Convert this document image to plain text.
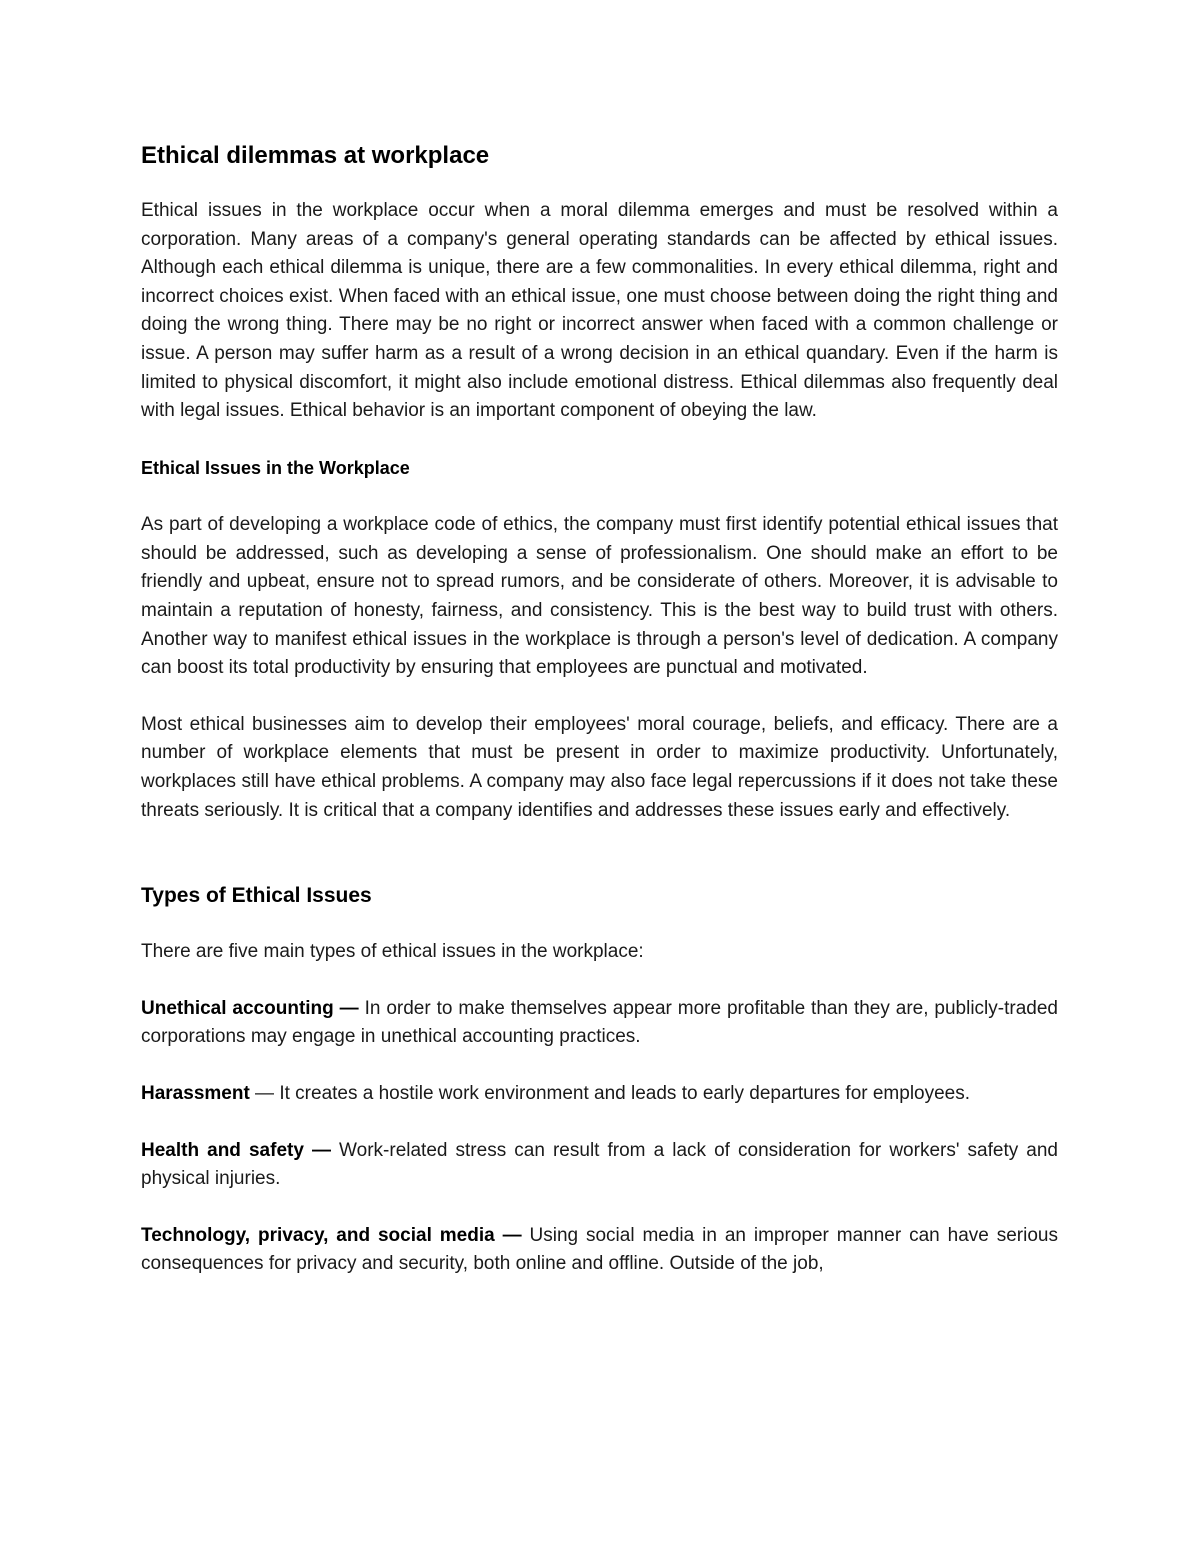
Ethical dilemmas at workplace

Ethical issues in the workplace occur when a moral dilemma emerges and must be resolved within a corporation. Many areas of a company's general operating standards can be affected by ethical issues. Although each ethical dilemma is unique, there are a few commonalities. In every ethical dilemma, right and incorrect choices exist. When faced with an ethical issue, one must choose between doing the right thing and doing the wrong thing. There may be no right or incorrect answer when faced with a common challenge or issue. A person may suffer harm as a result of a wrong decision in an ethical quandary. Even if the harm is limited to physical discomfort, it might also include emotional distress. Ethical dilemmas also frequently deal with legal issues. Ethical behavior is an important component of obeying the law.

Ethical Issues in the Workplace

As part of developing a workplace code of ethics, the company must first identify potential ethical issues that should be addressed, such as developing a sense of professionalism. One should make an effort to be friendly and upbeat, ensure not to spread rumors, and be considerate of others. Moreover, it is advisable to maintain a reputation of honesty, fairness, and consistency. This is the best way to build trust with others. Another way to manifest ethical issues in the workplace is through a person's level of dedication. A company can boost its total productivity by ensuring that employees are punctual and motivated.

Most ethical businesses aim to develop their employees' moral courage, beliefs, and efficacy. There are a number of workplace elements that must be present in order to maximize productivity. Unfortunately, workplaces still have ethical problems. A company may also face legal repercussions if it does not take these threats seriously. It is critical that a company identifies and addresses these issues early and effectively.

Types of Ethical Issues

There are five main types of ethical issues in the workplace:

Unethical accounting — In order to make themselves appear more profitable than they are, publicly-traded corporations may engage in unethical accounting practices.

Harassment — It creates a hostile work environment and leads to early departures for employees.

Health and safety — Work-related stress can result from a lack of consideration for workers' safety and physical injuries.

Technology, privacy, and social media — Using social media in an improper manner can have serious consequences for privacy and security, both online and offline. Outside of the job,
